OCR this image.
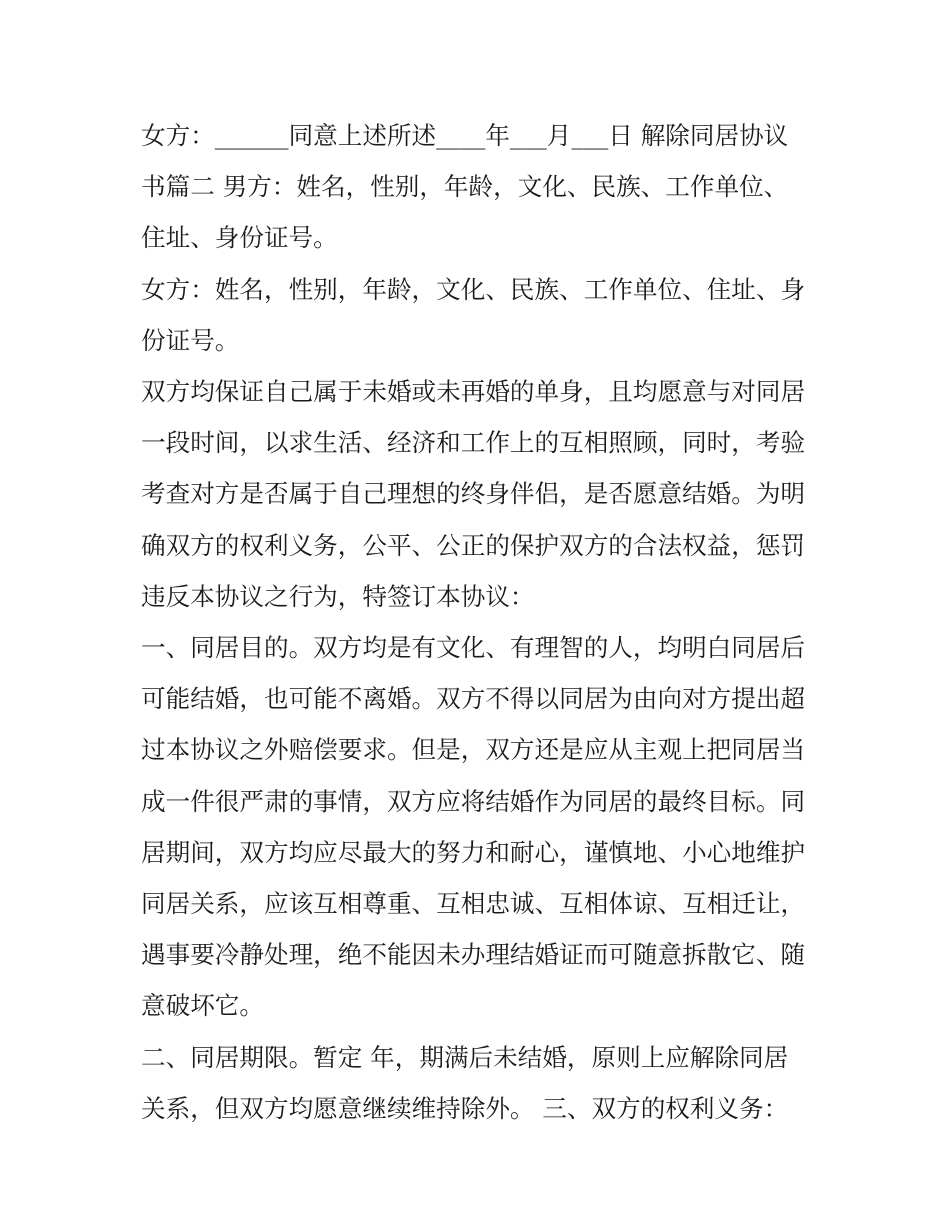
女方：______同意上述所述____年___月___日 解除同居协议
书篇二 男方：姓名，性别，年龄，文化、民族、工作单位、
住址、身份证号。

女方：姓名，性别，年龄，文化、民族、工作单位、住址、身
份证号。

双方均保证自己属于未婚或未再婚的单身，且均愿意与对同居
一段时间，以求生活、经济和工作上的互相照顾，同时，考验
考查对方是否属于自己理想的终身伴侣，是否愿意结婚。为明
确双方的权利义务，公平、公正的保护双方的合法权益，惩罚
违反本协议之行为，特签订本协议：

一、同居目的。双方均是有文化、有理智的人，均明白同居后
可能结婚，也可能不离婚。双方不得以同居为由向对方提出超
过本协议之外赔偿要求。但是，双方还是应从主观上把同居当
成一件很严肃的事情，双方应将结婚作为同居的最终目标。同
居期间，双方均应尽最大的努力和耐心，谨慎地、小心地维护
同居关系，应该互相尊重、互相忠诚、互相体谅、互相迁让，
遇事要冷静处理，绝不能因未办理结婚证而可随意拆散它、随
意破坏它。

二、同居期限。暂定 年，期满后未结婚，原则上应解除同居
关系，但双方均愿意继续维持除外。 三、双方的权利义务：
